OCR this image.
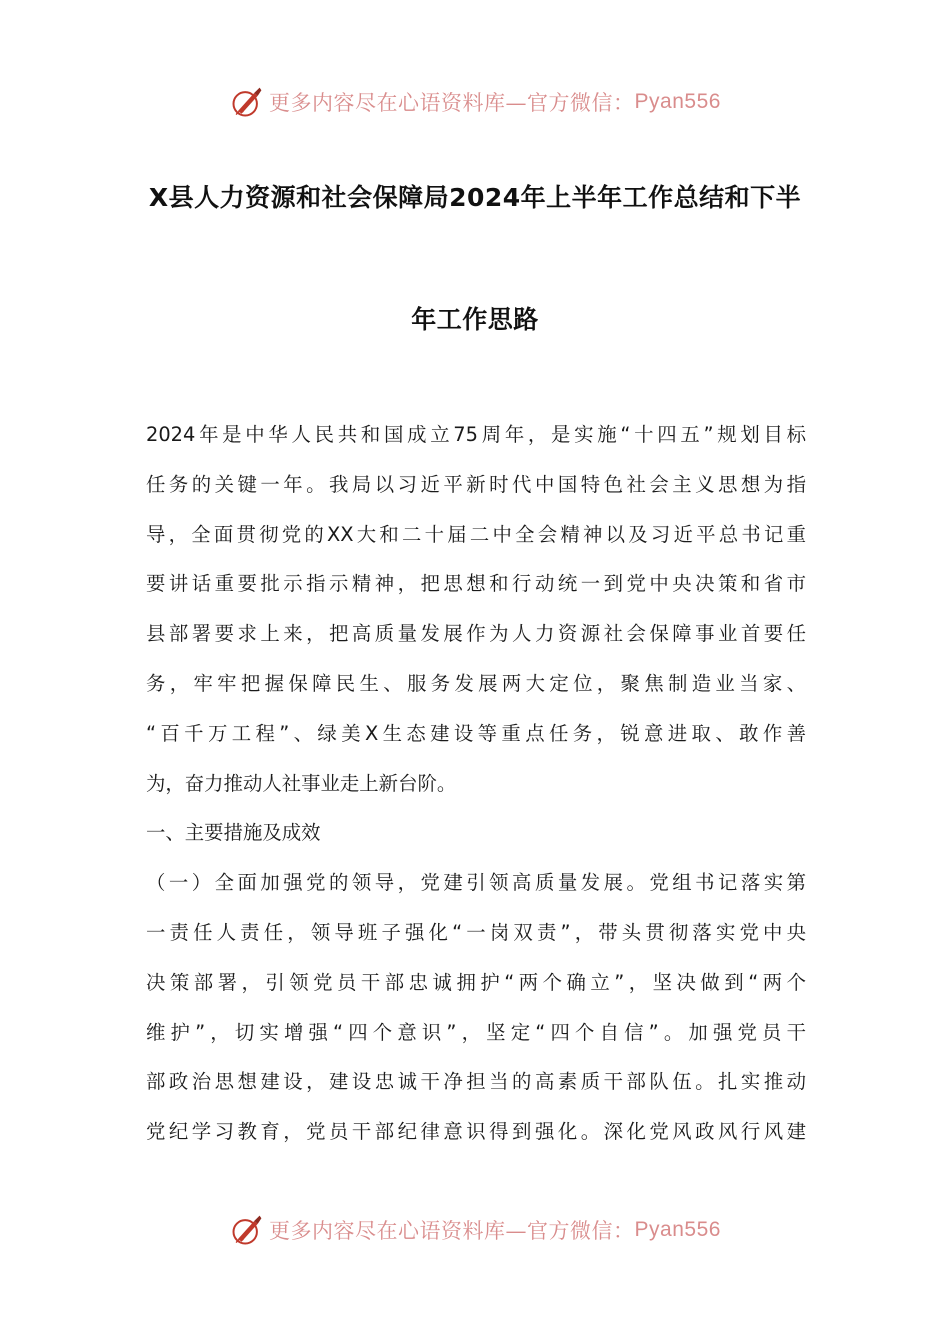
更多内容尽在心语资料库—官方微信： Pyan556
X县人力资源和社会保障局2024年上半年工作总结和下半
年工作思路
2024年是中华人民共和国成立75周年，是实施“十四五”规划目标
任务的关键一年。我局以习近平新时代中国特色社会主义思想为指
导，全面贯彻党的XX大和二十届二中全会精神以及习近平总书记重
要讲话重要批示指示精神，把思想和行动统一到党中央决策和省市
县部署要求上来，把高质量发展作为人力资源社会保障事业首要任
务，牢牢把握保障民生、服务发展两大定位，聚焦制造业当家、
“百千万工程”、绿美X生态建设等重点任务，锐意进取、敢作善
为，奋力推动人社事业走上新台阶。
一、主要措施及成效
（一）全面加强党的领导，党建引领高质量发展。党组书记落实第
一责任人责任，领导班子强化“一岗双责”，带头贯彻落实党中央
决策部署，引领党员干部忠诚拥护“两个确立”，坚决做到“两个
维护”，切实增强“四个意识”，坚定“四个自信”。加强党员干
部政治思想建设，建设忠诚干净担当的高素质干部队伍。扎实推动
党纪学习教育，党员干部纪律意识得到强化。深化党风政风行风建
更多内容尽在心语资料库—官方微信： Pyan556
